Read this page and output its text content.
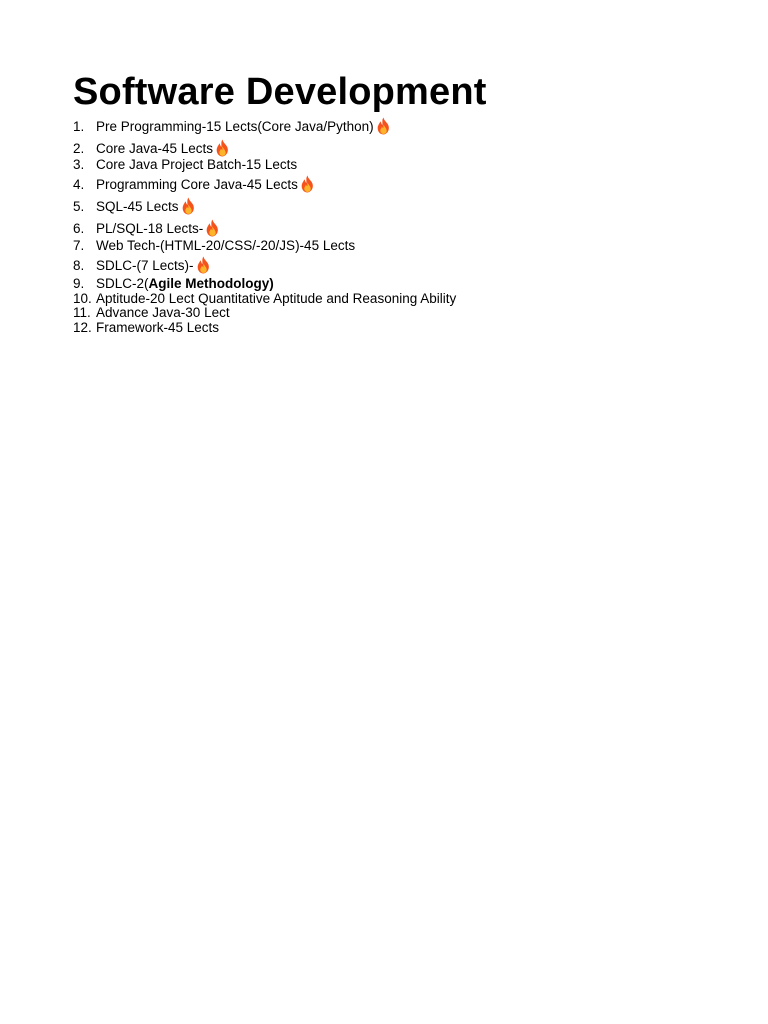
Software Development
1. Pre Programming-15 Lects(Core Java/Python)
2. Core Java-45 Lects
3. Core Java Project Batch-15 Lects
4. Programming Core Java-45 Lects
5. SQL-45 Lects
6. PL/SQL-18 Lects-
7. Web Tech-(HTML-20/CSS/-20/JS)-45 Lects
8. SDLC-(7 Lects)-
9. SDLC-2( Agile Methodology)
10. Aptitude-20 Lect Quantitative Aptitude and Reasoning Ability
11. Advance Java-30 Lect
12. Framework-45 Lects
